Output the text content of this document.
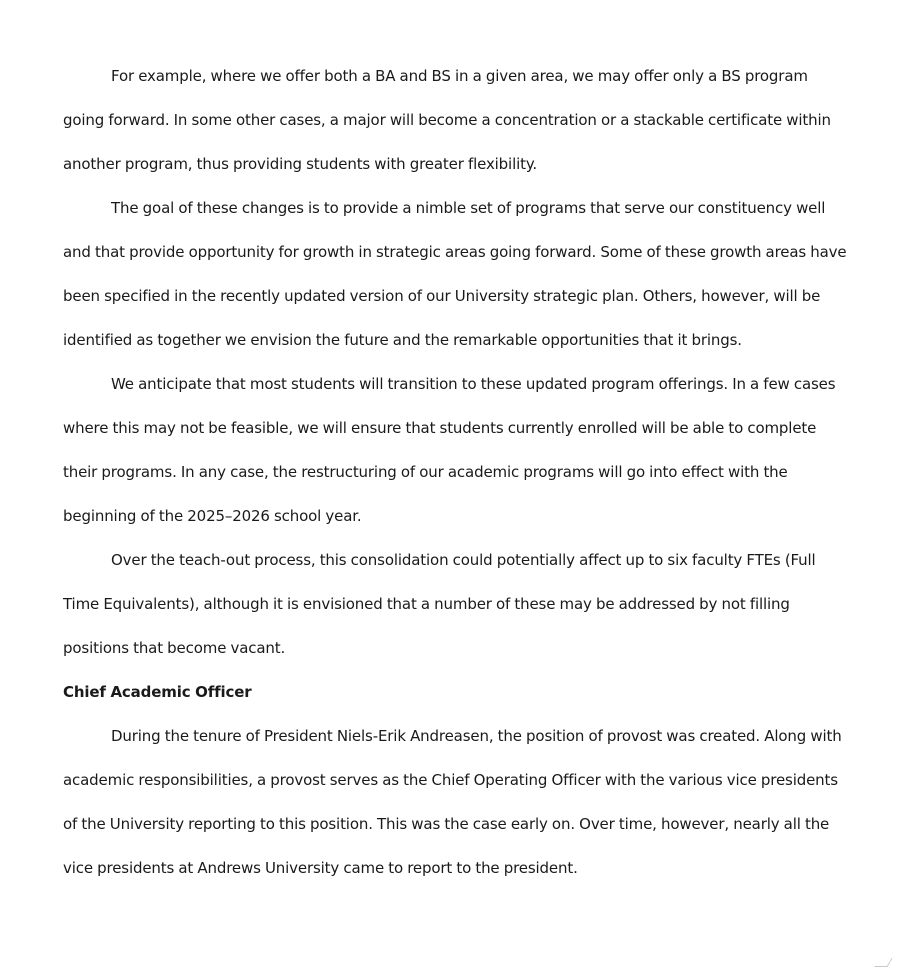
For example, where we offer both a BA and BS in a given area, we may offer only a BS program going forward. In some other cases, a major will become a concentration or a stackable certificate within another program, thus providing students with greater flexibility.

The goal of these changes is to provide a nimble set of programs that serve our constituency well and that provide opportunity for growth in strategic areas going forward. Some of these growth areas have been specified in the recently updated version of our University strategic plan. Others, however, will be identified as together we envision the future and the remarkable opportunities that it brings.

We anticipate that most students will transition to these updated program offerings. In a few cases where this may not be feasible, we will ensure that students currently enrolled will be able to complete their programs. In any case, the restructuring of our academic programs will go into effect with the beginning of the 2025–2026 school year.

Over the teach-out process, this consolidation could potentially affect up to six faculty FTEs (Full Time Equivalents), although it is envisioned that a number of these may be addressed by not filling positions that become vacant.

Chief Academic Officer

During the tenure of President Niels-Erik Andreasen, the position of provost was created. Along with academic responsibilities, a provost serves as the Chief Operating Officer with the various vice presidents of the University reporting to this position. This was the case early on. Over time, however, nearly all the vice presidents at Andrews University came to report to the president.
